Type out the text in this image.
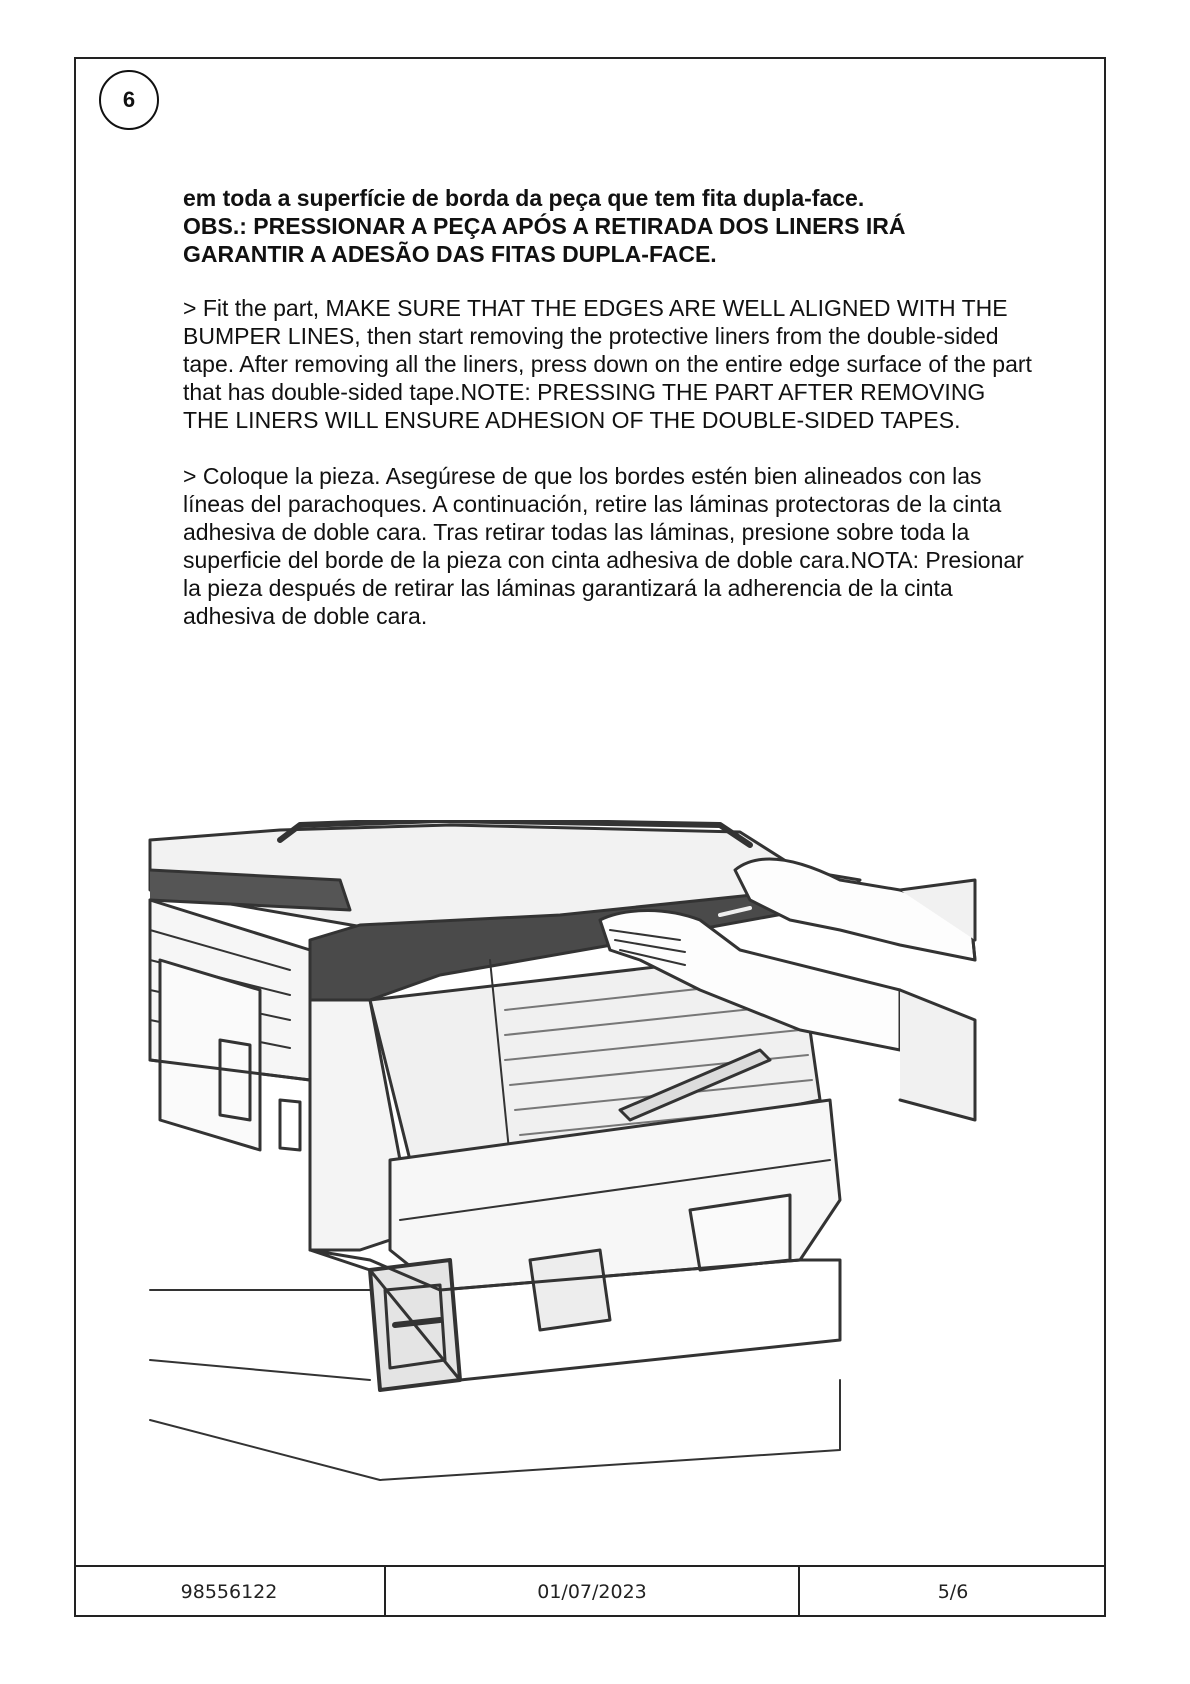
6
em toda a superfície de borda da peça que tem fita dupla-face.
OBS.: PRESSIONAR A PEÇA APÓS A RETIRADA DOS LINERS IRÁ
GARANTIR A ADESÃO DAS FITAS DUPLA-FACE.
> Fit the part, MAKE SURE THAT THE EDGES ARE WELL ALIGNED WITH THE
BUMPER LINES, then start removing the protective liners from the double-sided
tape. After removing all the liners, press down on the entire edge surface of the part
that has double-sided tape.NOTE: PRESSING THE PART AFTER REMOVING
THE LINERS WILL ENSURE ADHESION OF THE DOUBLE-SIDED TAPES.
> Coloque la pieza. Asegúrese de que los bordes estén bien alineados con las
líneas del parachoques. A continuación, retire las láminas protectoras de la cinta
adhesiva de doble cara. Tras retirar todas las láminas, presione sobre toda la
superficie del borde de la pieza con cinta adhesiva de doble cara.NOTA: Presionar
la pieza después de retirar las láminas garantizará la adherencia de la cinta
adhesiva de doble cara.
98556122	01/07/2023	5/6
